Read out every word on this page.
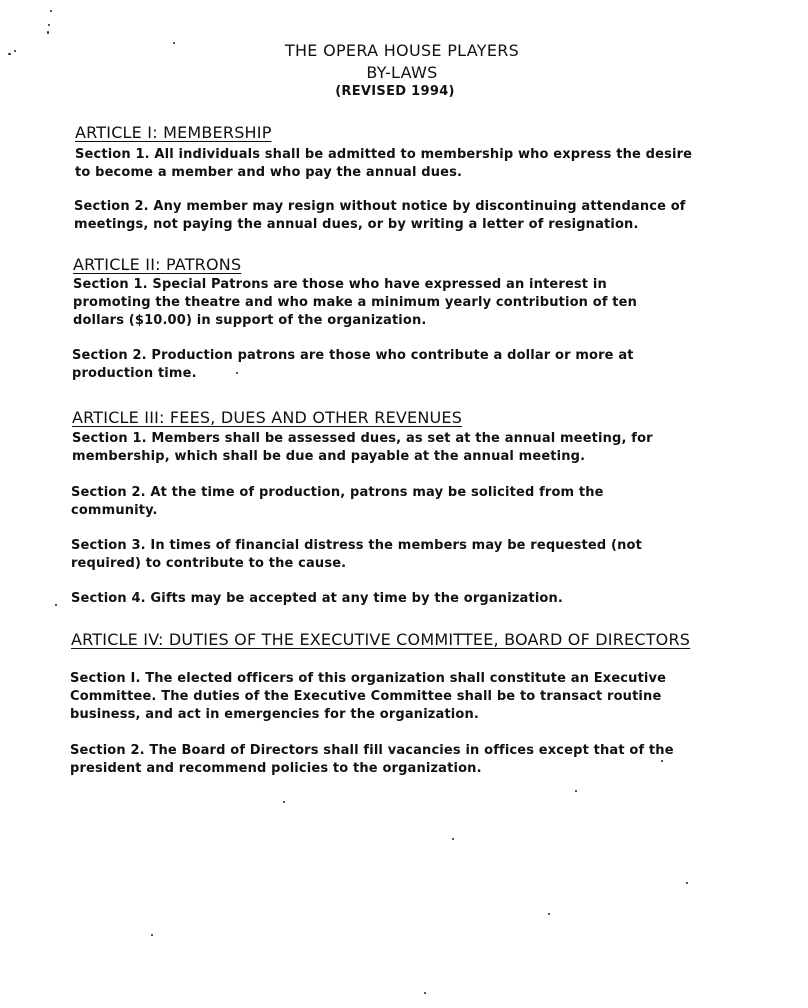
THE OPERA HOUSE PLAYERS
BY-LAWS
(REVISED 1994)
ARTICLE I: MEMBERSHIP
Section 1. All individuals shall be admitted to membership who express the desire to become a member and who pay the annual dues.
Section 2. Any member may resign without notice by discontinuing attendance of meetings, not paying the annual dues, or by writing a letter of resignation.
ARTICLE II: PATRONS
Section 1. Special Patrons are those who have expressed an interest in promoting the theatre and who make a minimum yearly contribution of ten dollars ($10.00) in support of the organization.
Section 2. Production patrons are those who contribute a dollar or more at production time.
ARTICLE III: FEES, DUES AND OTHER REVENUES
Section 1. Members shall be assessed dues, as set at the annual meeting, for membership, which shall be due and payable at the annual meeting.
Section 2. At the time of production, patrons may be solicited from the community.
Section 3. In times of financial distress the members may be requested (not required) to contribute to the cause.
Section 4. Gifts may be accepted at any time by the organization.
ARTICLE IV: DUTIES OF THE EXECUTIVE COMMITTEE, BOARD OF DIRECTORS
Section I. The elected officers of this organization shall constitute an Executive Committee. The duties of the Executive Committee shall be to transact routine business, and act in emergencies for the organization.
Section 2. The Board of Directors shall fill vacancies in offices except that of the president and recommend policies to the organization.
